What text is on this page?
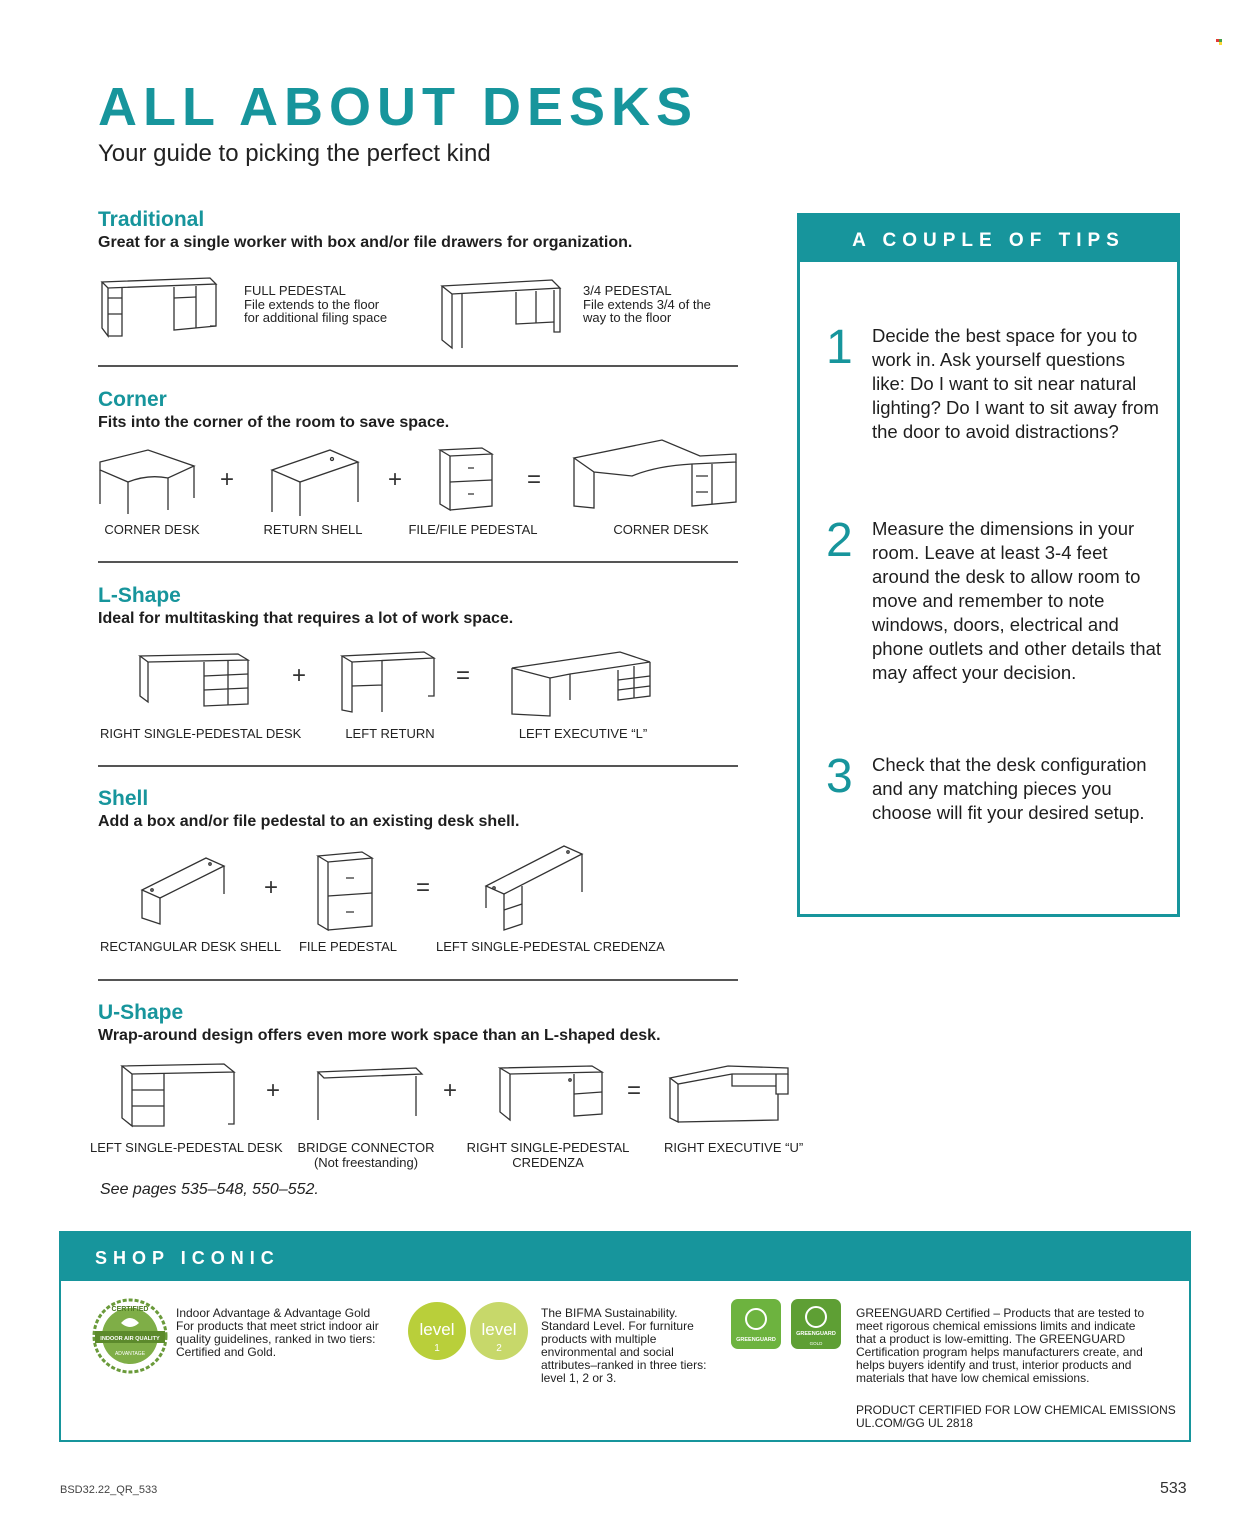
ALL ABOUT DESKS
Your guide to picking the perfect kind
Traditional
Great for a single worker with box and/or file drawers for organization.
FULL PEDESTAL
File extends to the floor
for additional filing space
3/4 PEDESTAL
File extends 3/4 of the
way to the floor
Corner
Fits into the corner of the room to save space.
+	+	=
CORNER DESK	RETURN SHELL	FILE/FILE PEDESTAL	CORNER DESK
L-Shape
Ideal for multitasking that requires a lot of work space.
+	=
RIGHT SINGLE-PEDESTAL DESK	LEFT RETURN	LEFT EXECUTIVE “L”
Shell
Add a box and/or file pedestal to an existing desk shell.
+	=
RECTANGULAR DESK SHELL FILE PEDESTAL	LEFT SINGLE-PEDESTAL CREDENZA
U-Shape
Wrap-around design offers even more work space than an L-shaped desk.
+	+	=
LEFT SINGLE-PEDESTAL DESK BRIDGE CONNECTOR
(Not freestanding)
RIGHT SINGLE-PEDESTAL
CREDENZA
RIGHT EXECUTIVE “U”
See pages 535–548, 550–552.
A COUPLE OF TIPS
1 Decide the best space for you to work in. Ask yourself questions like: Do I want to sit near natural lighting? Do I want to sit away from the door to avoid distractions?
2 Measure the dimensions in your room. Leave at least 3-4 feet around the desk to allow room to move and remember to note windows, doors, electrical and phone outlets and other details that may affect your decision.
3 Check that the desk configuration and any matching pieces you choose will fit your desired setup.
SHOP ICONIC
CERTIFIED
INDOOR AIR QUALITY
ADVANTAGE
Indoor Advantage & Advantage Gold
For products that meet strict indoor air quality guidelines, ranked in two tiers: Certified and Gold.
level
1
level
2
The BIFMA Sustainability.
Standard Level. For furniture products with multiple environmental and social attributes–ranked in three tiers: level 1, 2 or 3.
GREENGUARD
GREENGUARD
GOLD
GREENGUARD Certified – Products that are tested to meet rigorous chemical emissions limits and indicate that a product is low-emitting. The GREENGUARD Certification program helps manufacturers create, and helps buyers identify and trust, interior products and materials that have low chemical emissions.
PRODUCT CERTIFIED FOR LOW CHEMICAL EMISSIONS
UL.COM/GG UL 2818
BSD32.22_QR_533	533
